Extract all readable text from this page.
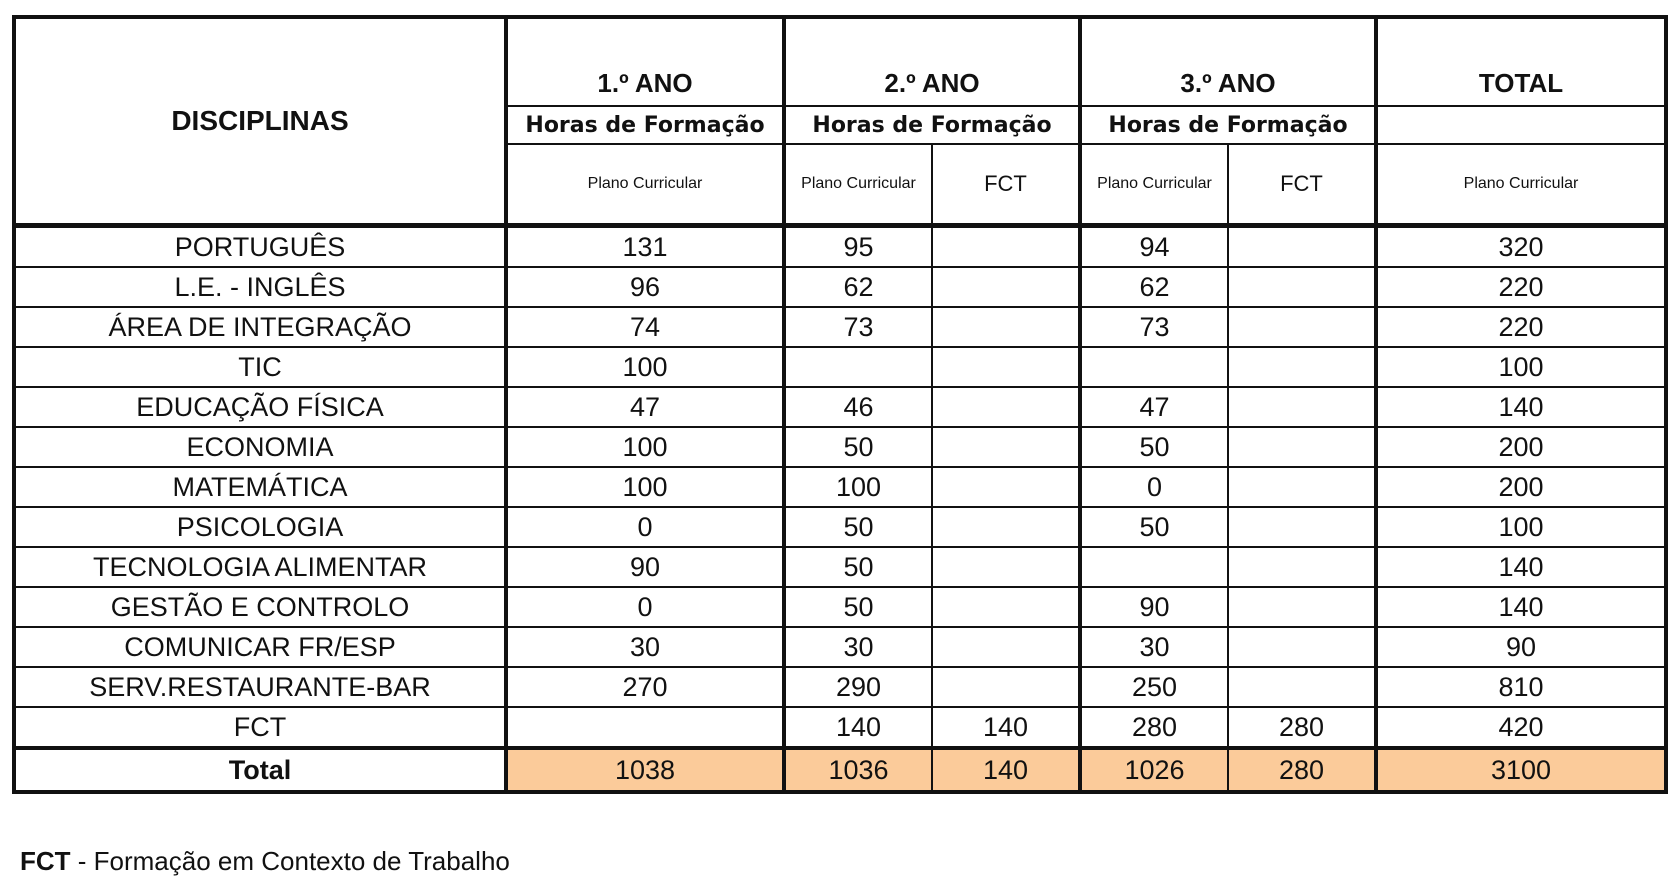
DISCIPLINAS	1.º ANO	2.º ANO		3.º ANO		TOTAL
	Horas de Formação	Horas de Formação		Horas de Formação		
	Plano Curricular	Plano Curricular	FCT	Plano Curricular	FCT	Plano Curricular
PORTUGUÊS	131	95		94		320
L.E. - INGLÊS	96	62		62		220
ÁREA DE INTEGRAÇÃO	74	73		73		220
TIC	100					100
EDUCAÇÃO FÍSICA	47	46		47		140
ECONOMIA	100	50		50		200
MATEMÁTICA	100	100		0		200
PSICOLOGIA	0	50		50		100
TECNOLOGIA ALIMENTAR	90	50				140
GESTÃO E CONTROLO	0	50		90		140
COMUNICAR FR/ESP	30	30		30		90
SERV.RESTAURANTE-BAR	270	290		250		810
FCT		140	140	280	280	420
Total	1038	1036	140	1026	280	3100
FCT - Formação em Contexto de Trabalho
